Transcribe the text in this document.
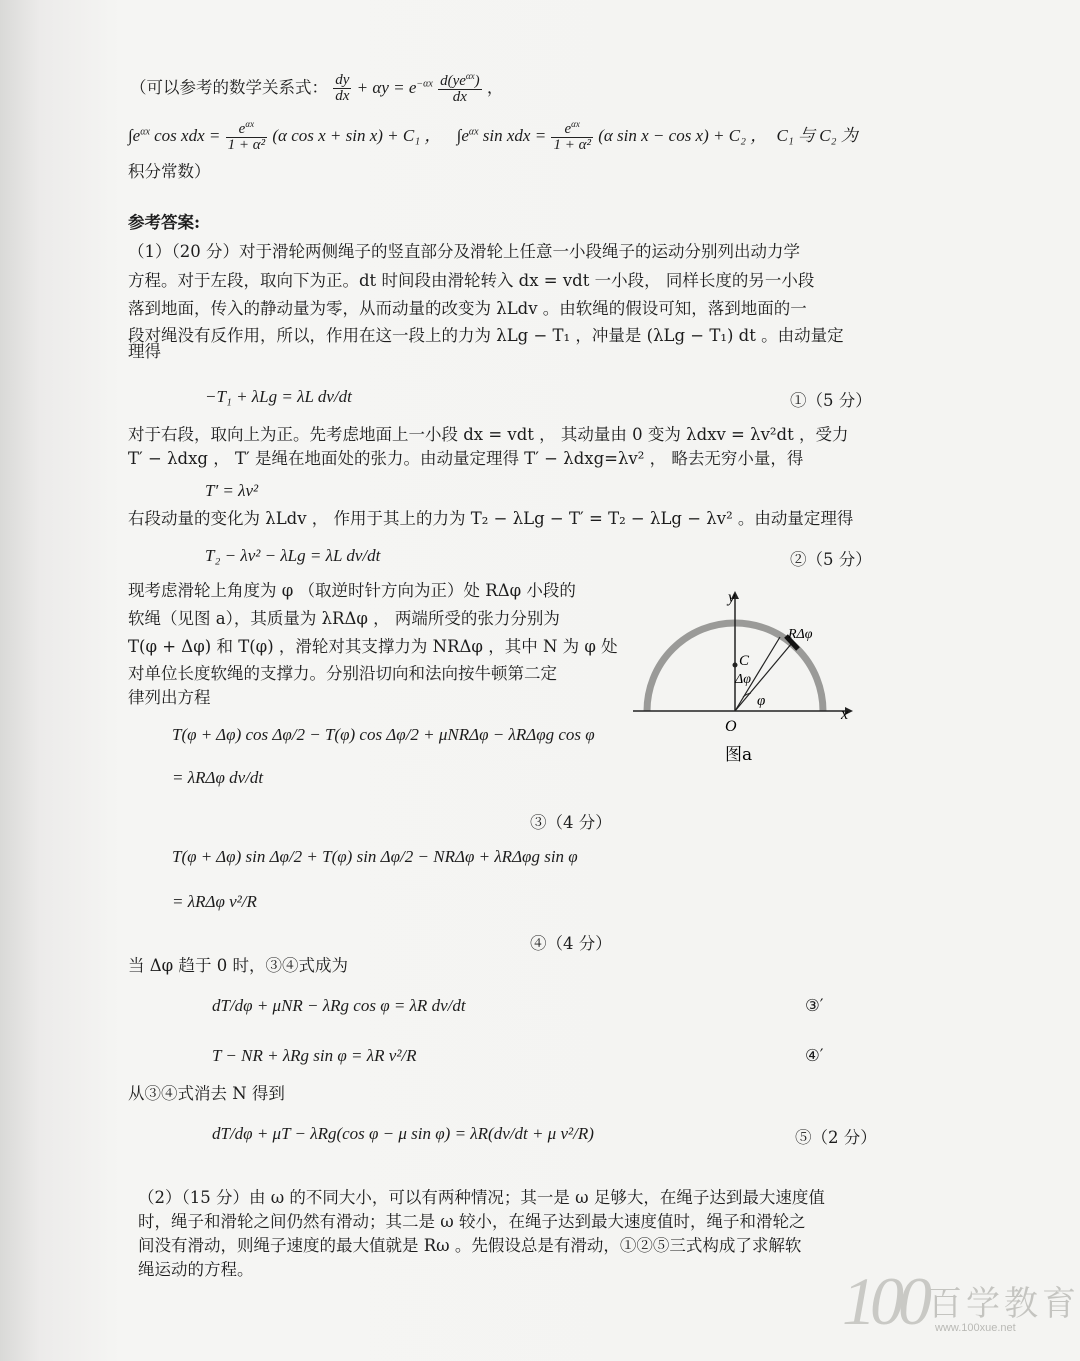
（可以参考的数学关系式： $\frac{dy}{dx} + \alpha y = e^{-\alpha x} \frac{d(ye^{\alpha x})}{dx}$ ，
$\int e^{\alpha x}$ cos xdx = $\frac{e^{\alpha x}}{\text{1 + α²}} (\alpha$ cos x + sin x) + C₁ ， $\int e^{\alpha x}$ sin xdx = $\frac{e^{\alpha x}}{\text{1 + α²}} (\alpha$ sin x − cos x) + C₂ ， C₁ 与 C₂ 为
积分常数）
参考答案:
（1）（20 分）对于滑轮两侧绳子的竖直部分及滑轮上任意一小段绳子的运动分别列出动力学
方程。对于左段，取向下为正。dt 时间段由滑轮转入 dx = vdt 一小段， 同样长度的另一小段
落到地面，传入的静动量为零，从而动量的改变为 λLdv 。由软绳的假设可知，落到地面的一
段对绳没有反作用，所以，作用在这一段上的力为 λLg − T₁ ，冲量是 (λLg − T₁) dt 。由动量定
理得
−T₁ + λLg = λL dv/dt	①（5 分）
对于右段，取向上为正。先考虑地面上一小段 dx = vdt ， 其动量由 0 变为 λdxv = λv²dt ，受力
T′ − λdxg ， T′ 是绳在地面处的张力。由动量定理得 T′ − λdxg=λv² ， 略去无穷小量，得
T′ = λv²
右段动量的变化为 λLdv ， 作用于其上的力为 T₂ − λLg − T′ = T₂ − λLg − λv² 。由动量定理得
T₂ − λv² − λLg = λL dv/dt	②（5 分）
现考虑滑轮上角度为 φ （取逆时针方向为正）处 RΔφ 小段的
软绳（见图 a），其质量为 λRΔφ ， 两端所受的张力分别为
T(φ + Δφ) 和 T(φ) ，滑轮对其支撑力为 NRΔφ ，其中 N 为 φ 处
对单位长度软绳的支撑力。分别沿切向和法向按牛顿第二定
律列出方程
y
x
O
C
Δφ
φ
RΔφ
图a
T(φ + Δφ) cos Δφ/2 − T(φ) cos Δφ/2 + μNRΔφ − λRΔφg cos φ
= λRΔφ dv/dt
③（4 分）
T(φ + Δφ) sin Δφ/2 + T(φ) sin Δφ/2 − NRΔφ + λRΔφg sin φ
= λRΔφ v²/R
④（4 分）
当 Δφ 趋于 0 时，③④式成为
dT/dφ + μNR − λRg cos φ = λR dv/dt	③′
T − NR + λRg sin φ = λR v²/R	④′
从③④式消去 N 得到
dT/dφ + μT − λRg(cos φ − μ sin φ) = λR(dv/dt + μ v²/R)	⑤（2 分）
（2）（15 分）由 ω 的不同大小，可以有两种情况；其一是 ω 足够大，在绳子达到最大速度值
时，绳子和滑轮之间仍然有滑动；其二是 ω 较小，在绳子达到最大速度值时，绳子和滑轮之
间没有滑动，则绳子速度的最大值就是 Rω 。先假设总是有滑动，①②⑤三式构成了求解软
绳运动的方程。	100 百学教育
www.100xue.net
